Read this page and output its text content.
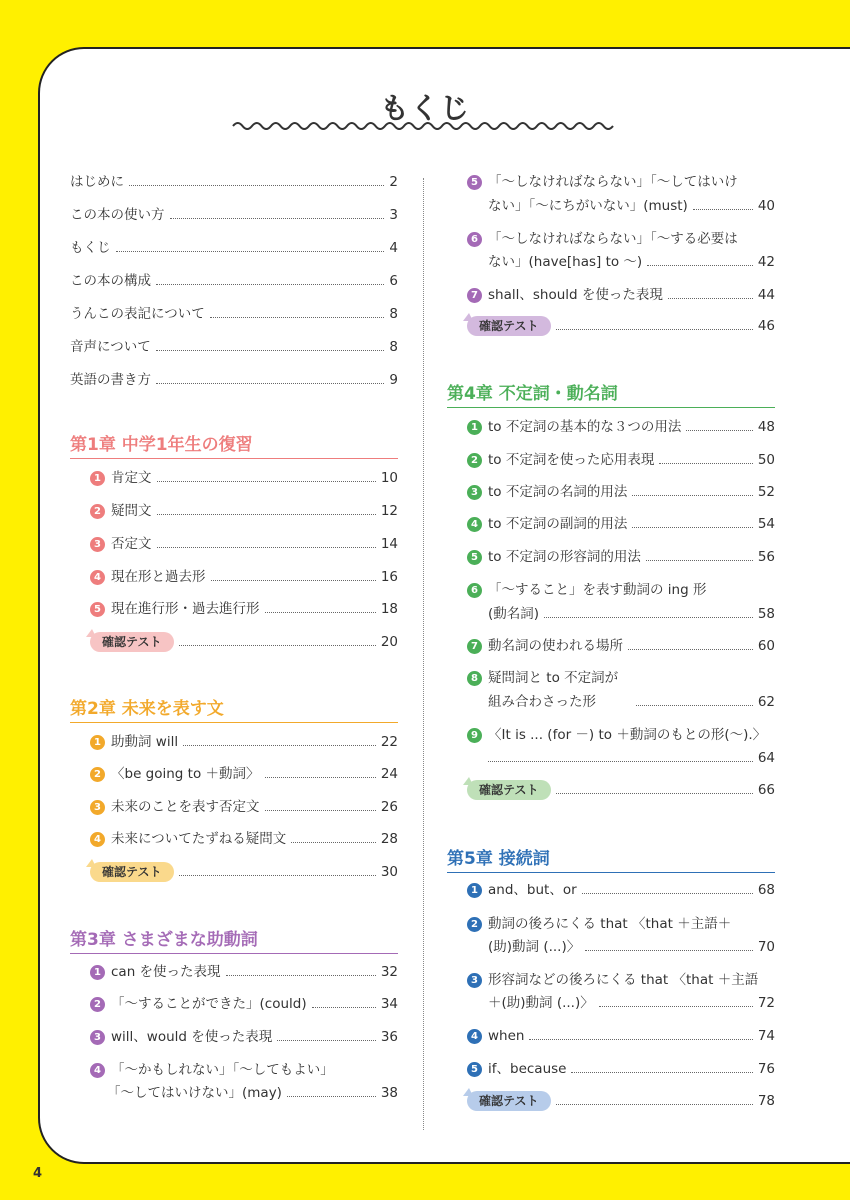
もくじ
はじめに	2
この本の使い方	3
もくじ	4
この本の構成	6
うんこの表記について	8
音声について	8
英語の書き方	9
第1章 中学1年生の復習
1 肯定文	10
2 疑問文	12
3 否定文	14
4 現在形と過去形	16
5 現在進行形・過去進行形	18
確認テスト	20
第2章 未来を表す文
1 助動詞 will	22
2 〈be going to ＋動詞〉	24
3 未来のことを表す否定文	26
4 未来についてたずねる疑問文	28
確認テスト	30
第3章 さまざまな助動詞
1 can を使った表現	32
2 「～することができた」(could)	34
3 will、would を使った表現	36
4 「～かもしれない」「～してもよい」
「～してはいけない」(may)	38
5 「～しなければならない」「～してはいけ
ない」「～にちがいない」(must)	40
6 「～しなければならない」「～する必要は
ない」(have[has] to ～)	42
7 shall、should を使った表現	44
確認テスト	46
第4章 不定詞・動名詞
1 to 不定詞の基本的な３つの用法	48
2 to 不定詞を使った応用表現	50
3 to 不定詞の名詞的用法	52
4 to 不定詞の副詞的用法	54
5 to 不定詞の形容詞的用法	56
6 「～すること」を表す動詞の ing 形
(動名詞)	58
7 動名詞の使われる場所	60
8 疑問詞と to 不定詞が
組み合わさった形	62
9 〈It is ... (for －) to ＋動詞のもとの形(～).〉
64
確認テスト	66
第5章 接続詞
1 and、but、or	68
2 動詞の後ろにくる that 〈that ＋主語＋
(助)動詞 (...)〉	70
3 形容詞などの後ろにくる that 〈that ＋主語
＋(助)動詞 (...)〉	72
4 when	74
5 if、because	76
確認テスト	78
4
